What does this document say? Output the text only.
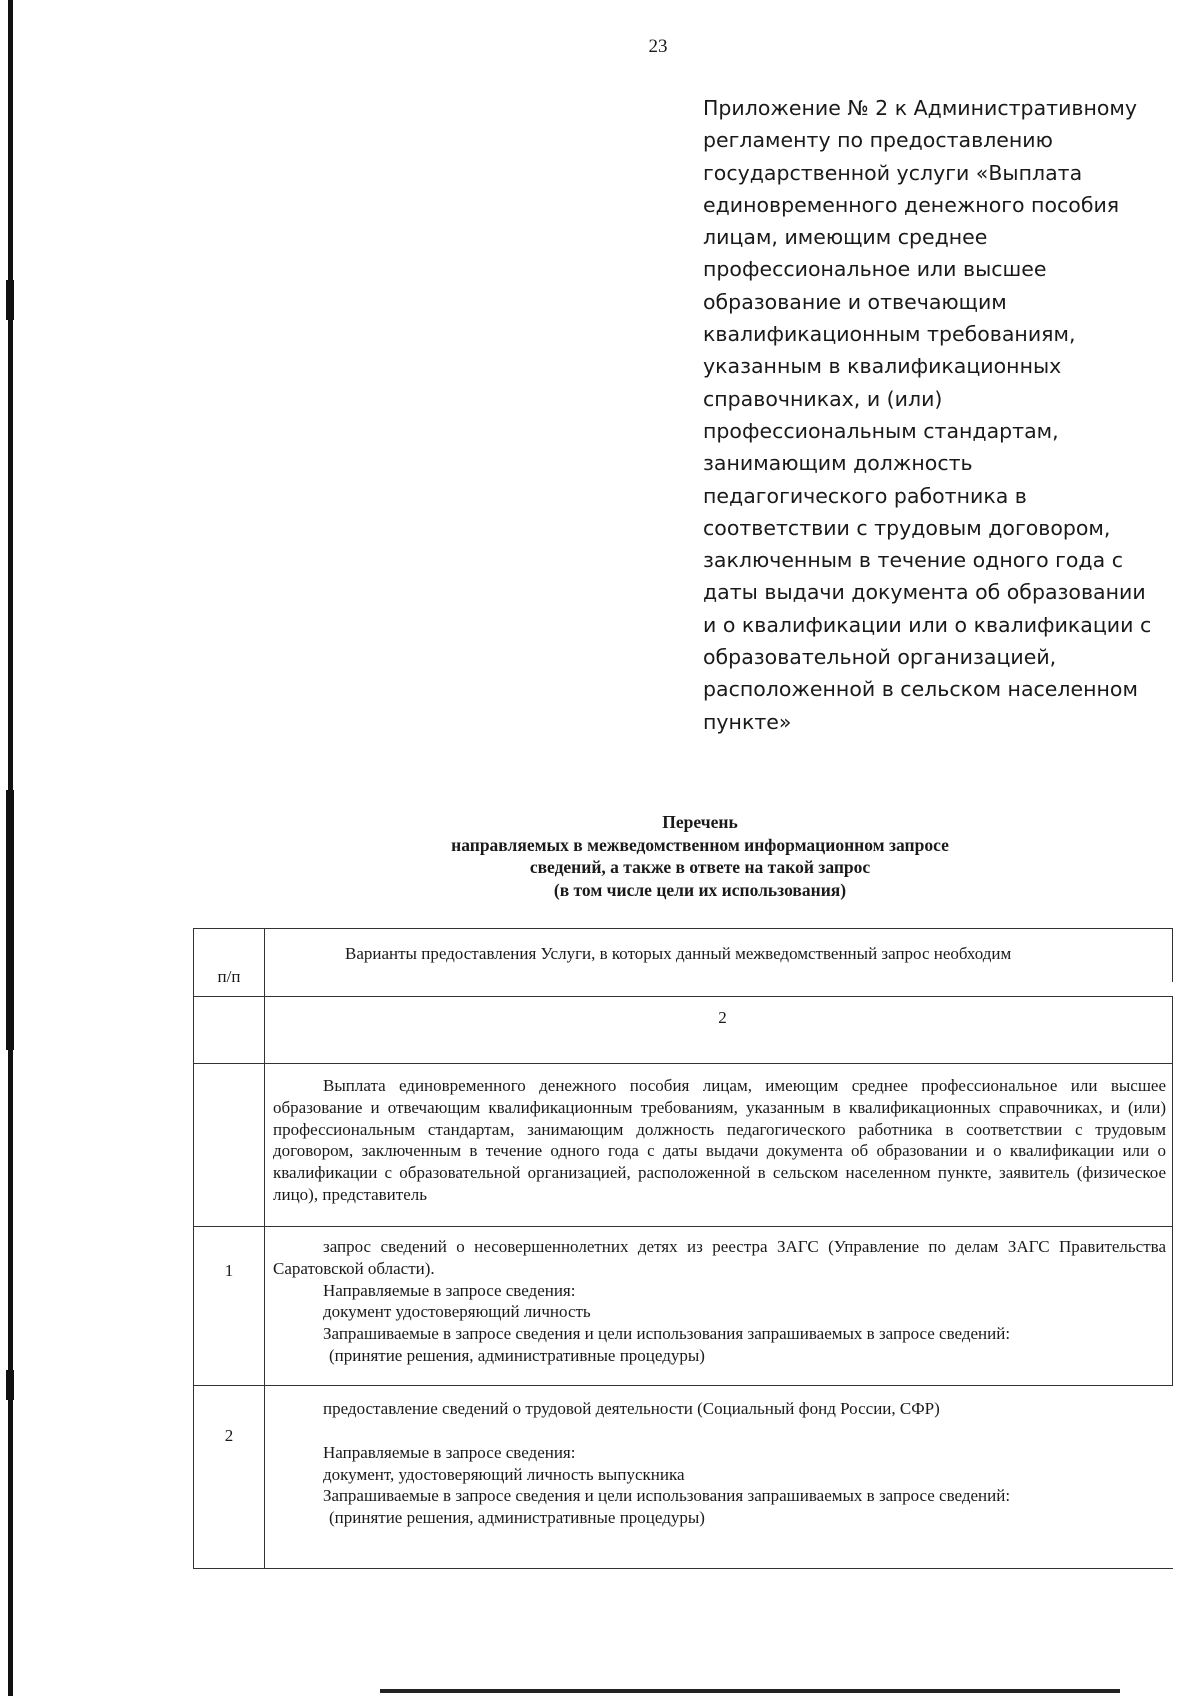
23
Приложение № 2 к Административному
регламенту по предоставлению
государственной услуги «Выплата
единовременного денежного пособия
лицам, имеющим среднее
профессиональное или высшее
образование и отвечающим
квалификационным требованиям,
указанным в квалификационных
справочниках, и (или)
профессиональным стандартам,
занимающим должность
педагогического работника в
соответствии с трудовым договором,
заключенным в течение одного года с
даты выдачи документа об образовании
и о квалификации или о квалификации с
образовательной организацией,
расположенной в сельском населенном
пункте»
Перечень
направляемых в межведомственном информационном запросе
сведений, а также в ответе на такой запрос
(в том числе цели их использования)
п/п
Варианты предоставления Услуги, в которых данный межведомственный запрос необходим
2
Выплата единовременного денежного пособия лицам, имеющим среднее профессиональное или высшее образование и отвечающим квалификационным требованиям, указанным в квалификационных справочниках, и (или) профессиональным стандартам, занимающим должность педагогического работника в соответствии с трудовым договором, заключенным в течение одного года с даты выдачи документа об образовании и о квалификации или о квалификации с образовательной организацией, расположенной в сельском населенном пункте, заявитель (физическое лицо), представитель
1
запрос сведений о несовершеннолетних детях из реестра ЗАГС (Управление по делам ЗАГС Правительства Саратовской области).
Направляемые в запросе сведения:
документ удостоверяющий личность
Запрашиваемые в запросе сведения и цели использования запрашиваемых в запросе сведений:
(принятие решения, административные процедуры)
2
предоставление сведений о трудовой деятельности (Социальный фонд России, СФР)
Направляемые в запросе сведения:
документ, удостоверяющий личность выпускника
Запрашиваемые в запросе сведения и цели использования запрашиваемых в запросе сведений:
(принятие решения, административные процедуры)
